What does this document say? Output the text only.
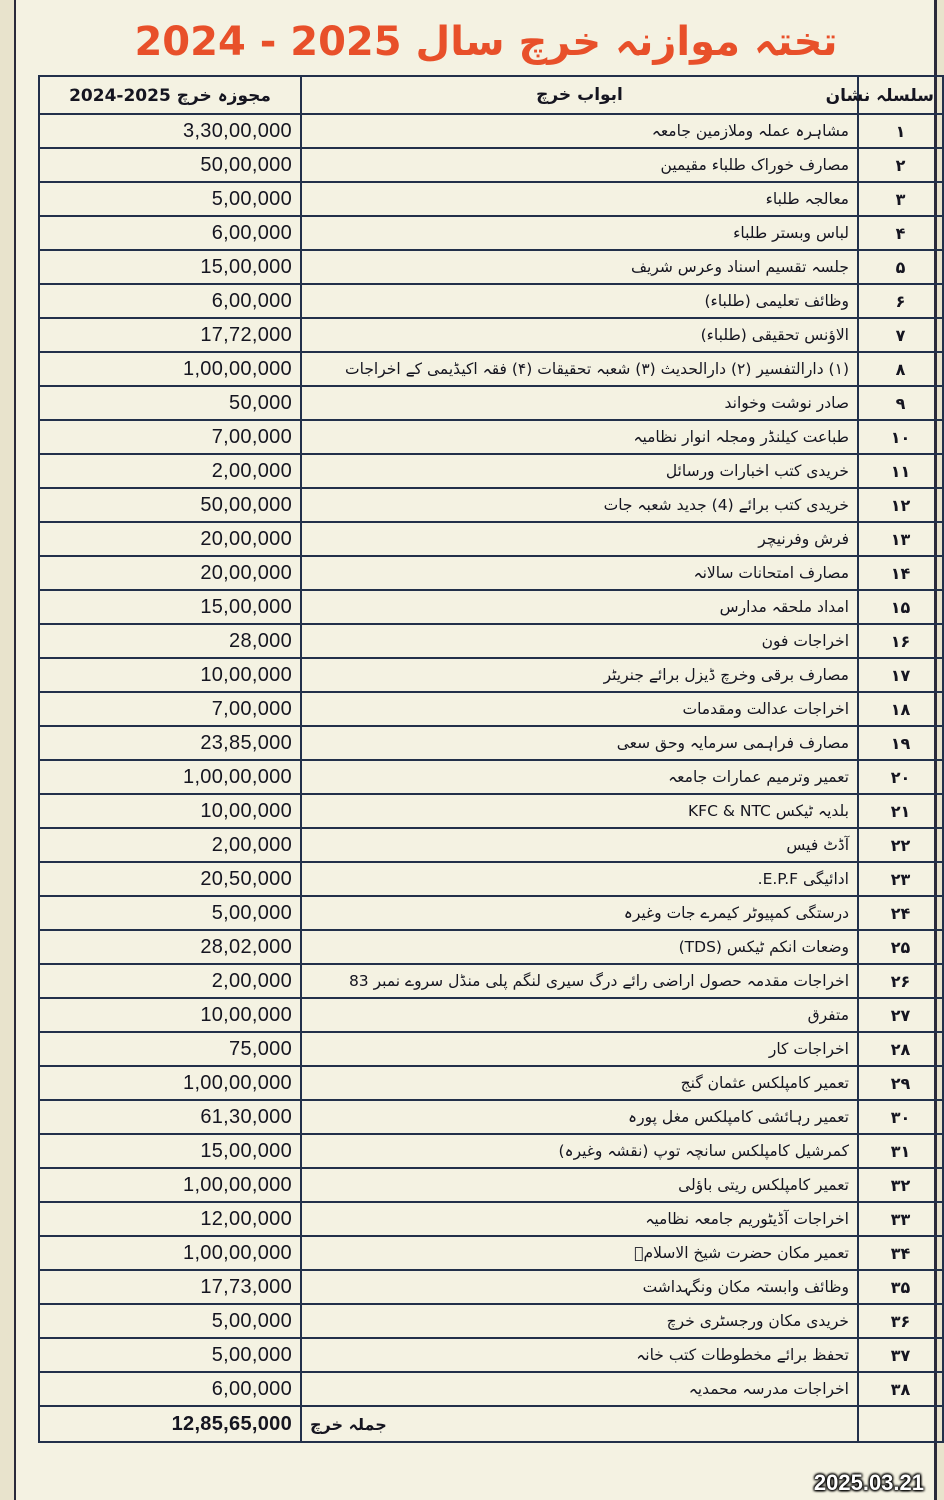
تختہ موازنہ خرچ سال 2025 - 2024
مجوزہ خرچ 2025-2024	ابواب خرچ	سلسلہ نشان
3,30,00,000	مشاہرہ عملہ وملازمین جامعہ	۱
50,00,000	مصارف خوراک طلباء مقیمین	۲
5,00,000	معالجہ طلباء	۳
6,00,000	لباس وبستر طلباء	۴
15,00,000	جلسہ تقسیم اسناد وعرس شریف	۵
6,00,000	وظائف تعلیمی (طلباء)	۶
17,72,000	الاؤنس تحقیقی (طلباء)	۷
1,00,00,000	(۱) دارالتفسیر (۲) دارالحدیث (۳) شعبہ تحقیقات (۴) فقہ اکیڈیمی کے اخراجات	۸
50,000	صادر نوشت وخواند	۹
7,00,000	طباعت کیلنڈر ومجلہ انوار نظامیہ	۱۰
2,00,000	خریدی کتب اخبارات ورسائل	۱۱
50,00,000	خریدی کتب برائے (4) جدید شعبہ جات	۱۲
20,00,000	فرش وفرنیچر	۱۳
20,00,000	مصارف امتحانات سالانہ	۱۴
15,00,000	امداد ملحقہ مدارس	۱۵
28,000	اخراجات فون	۱۶
10,00,000	مصارف برقی وخرچ ڈیزل برائے جنریٹر	۱۷
7,00,000	اخراجات عدالت ومقدمات	۱۸
23,85,000	مصارف فراہمی سرمایہ وحق سعی	۱۹
1,00,00,000	تعمیر وترمیم عمارات جامعہ	۲۰
10,00,000	بلدیہ ٹیکس KFC & NTC	۲۱
2,00,000	آڈٹ فیس	۲۲
20,50,000	ادائیگی E.P.F.	۲۳
5,00,000	درستگی کمپیوٹر کیمرے جات وغیرہ	۲۴
28,02,000	وضعات انکم ٹیکس (TDS)	۲۵
2,00,000	اخراجات مقدمہ حصول اراضی رائے درگ سیری لنگم پلی منڈل سروے نمبر 83	۲۶
10,00,000	متفرق	۲۷
75,000	اخراجات کار	۲۸
1,00,00,000	تعمیر کامپلکس عثمان گنج	۲۹
61,30,000	تعمیر رہائشی کامپلکس مغل پورہ	۳۰
15,00,000	کمرشیل کامپلکس سانچہ توپ (نقشہ وغیرہ)	۳۱
1,00,00,000	تعمیر کامپلکس ریتی باؤلی	۳۲
12,00,000	اخراجات آڈیٹوریم جامعہ نظامیہ	۳۳
1,00,00,000	تعمیر مکان حضرت شیخ الاسلامؒ	۳۴
17,73,000	وظائف وابستہ مکان ونگہداشت	۳۵
5,00,000	خریدی مکان ورجسٹری خرچ	۳۶
5,00,000	تحفظ برائے مخطوطات کتب خانہ	۳۷
6,00,000	اخراجات مدرسہ محمدیہ	۳۸
12,85,65,000	جملہ خرچ	
2025.03.21
